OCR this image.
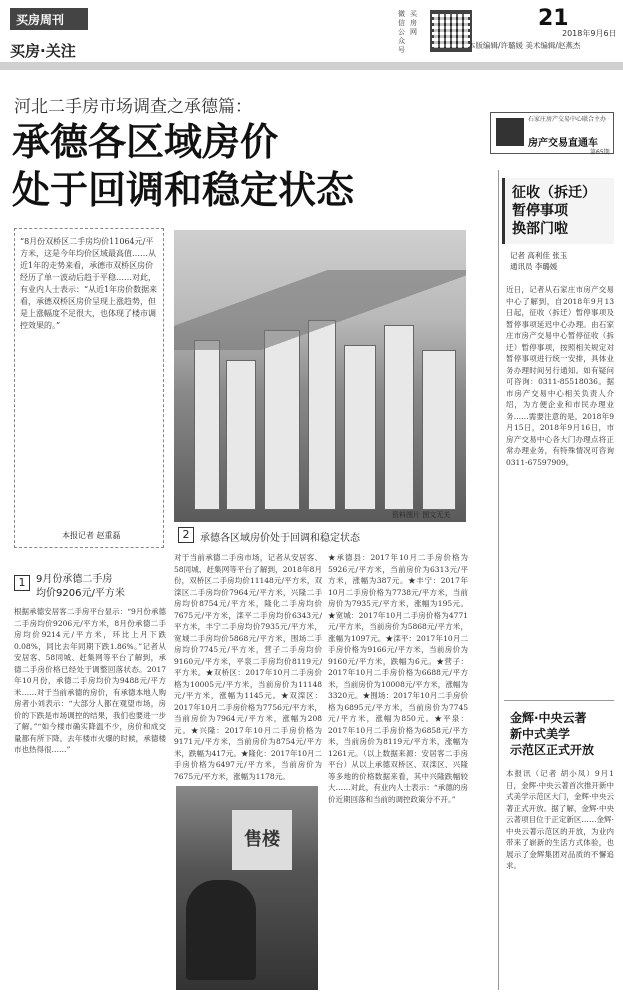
买房周刊
买房·关注
微信公众号
买房网
21
2018年9月6日
本版编辑/许璐媛 美术编辑/赵燕杰
河北二手房市场调查之承德篇：
承德各区域房价
处于回调和稳定状态
石家庄房产交易中心联合主办
房产交易直通车
第65期
“8月份双桥区二手房均价11064元/平方米，这是今年均价区域最高值……从近1年的走势来看，承德市双桥区房价经历了单一波动后趋于平稳……对此，有业内人士表示：“从近1年房价数据来看，承德双桥区房价呈现上涨趋势，但是上涨幅度不足很大，也体现了楼市调控效果的。”
本报记者 赵重磊
资料图片 图文无关
2	承德各区域房价处于回调和稳定状态
1	9月份承德二手房
均价9206元/平方米
根据承德安居客二手房平台显示：“9月份承德二手房均价9206元/平方米，8月份承德二手房均价9214元/平方米，环比上月下跌0.08%，同比去年同期下跌1.86%。”记者从安居客、58同城、赶集网等平台了解到，承德二手房价格已经处于调整回落状态。2017年10月份，承德二手房均价为9488元/平方米……对于当前承德的房价，有承德本地人购房者小刘表示：“大部分人都在观望市场，房价的下跌是市场调控的结果，我们也要进一步了解。”“如今楼市确实降温不少，房价和成交量都有所下降。去年楼市火爆的时候，承德楼市也热得很……”
对于当前承德二手房市场，记者从安居客、58同城、赶集网等平台了解到，2018年8月份，双桥区二手房均价11148元/平方米，双滦区二手房均价7964元/平方米，兴隆二手房均价8754元/平方米，隆化二手房均价7675元/平方米，滦平二手房均价6343元/平方米，丰宁二手房均价7935元/平方米，宽城二手房均价5868元/平方米，围场二手房均价7745元/平方米，营子二手房均价9160元/平方米，平泉二手房均价8119元/平方米。★双桥区：2017年10月二手房价格为10005元/平方米，当前房价为11148元/平方米，涨幅为1145元。★双滦区：2017年10月二手房价格为7756元/平方米，当前房价为7964元/平方米，涨幅为208元。★兴隆：2017年10月二手房价格为9171元/平方米，当前房价为8754元/平方米，跌幅为417元。★隆化：2017年10月二手房价格为6497元/平方米，当前房价为7675元/平方米，涨幅为1178元。
★承德县：2017年10月二手房价格为5926元/平方米，当前房价为6313元/平方米，涨幅为387元。★丰宁：2017年10月二手房价格为7738元/平方米，当前房价为7935元/平方米，涨幅为195元。★宽城：2017年10月二手房价格为4771元/平方米，当前房价为5868元/平方米，涨幅为1097元。★滦平：2017年10月二手房价格为9166元/平方米，当前房价为9160元/平方米，跌幅为6元。★营子：2017年10月二手房价格为6688元/平方米，当前房价为10008元/平方米，涨幅为3320元。★围场：2017年10月二手房价格为6895元/平方米，当前房价为7745元/平方米，涨幅为850元。★平泉：2017年10月二手房价格为6858元/平方米，当前房价为8119元/平方米，涨幅为1261元。（以上数据来源：安居客二手房平台）从以上承德双桥区、双滦区、兴隆等多地的价格数据来看，其中兴隆跌幅较大……对此，有业内人士表示：“承德的房价近期回落和当前的调控政策分不开。”
售楼
征收（拆迁）
暂停事项
换部门啦
记者 高利佳 张玉
通讯员 李璐媛
近日，记者从石家庄市房产交易中心了解到，自2018年9月13日起，征收（拆迁）暂停事项及暂停事项延迟中心办理。由石家庄市房产交易中心暂停征收（拆迁）暂停事项，按照相关规定对暂停事项进行统一安排，具体业务办理时间另行通知。如有疑问可咨询：0311-85518036。据市房产交易中心相关负责人介绍，为方便企业和市民办理业务……需要注意的是，2018年9月15日，2018年9月16日，市房产交易中心各大门办理点将正常办理业务，有特殊情况可咨询0311-67597909。
金辉·中央云著
新中式美学
示范区正式开放
本报讯（记者 胡小凤）9月1日，金辉·中央云著首次推开新中式美学示范区大门，金辉·中央云著正式开放。据了解，金辉·中央云著项目位于正定新区……金辉·中央云著示范区的开放，为业内带来了崭新的生活方式体验，也展示了金辉集团对品质的不懈追求。
